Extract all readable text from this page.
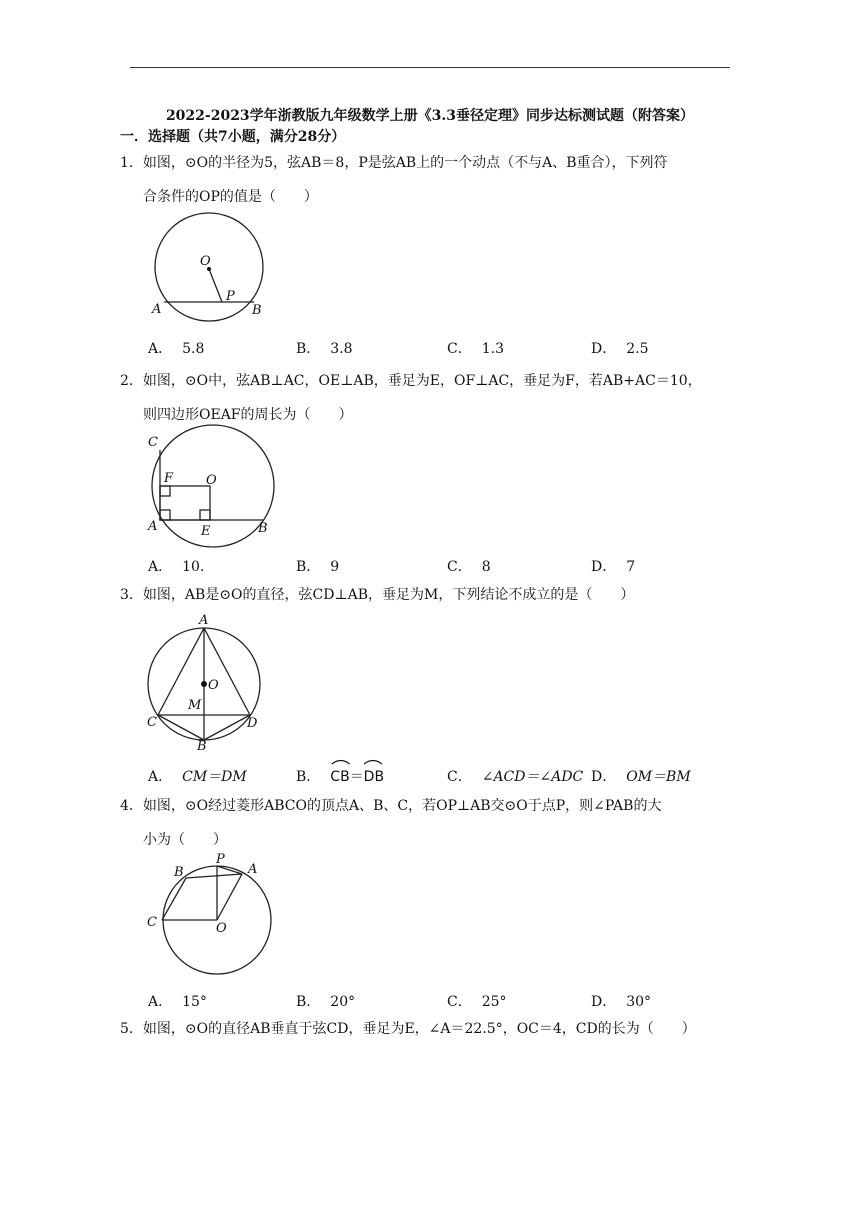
2022-2023学年浙教版九年级数学上册《3.3垂径定理》同步达标测试题（附答案）
一．选择题（共7小题，满分28分）
1．如图，⊙O的半径为5，弦AB＝8，P是弦AB上的一个动点（不与A、B重合），下列符
合条件的OP的值是（　　）
O
P
A	B
A． 5.8	B． 3.8	C． 1.3	D． 2.5
2．如图，⊙O中，弦AB⊥AC，OE⊥AB，垂足为E，OF⊥AC，垂足为F，若AB+AC＝10，
则四边形OEAF的周长为（　　）
C
F	O
A	E	B
A． 10．	B． 9	C． 8	D． 7
3．如图，AB是⊙O的直径，弦CD⊥AB，垂足为M，下列结论不成立的是（　　）
A
O
M
C	D
B
A． CM＝DM	B． CB＝DB	C． ∠ACD＝∠ADC D． OM＝BM
4．如图，⊙O经过菱形ABCO的顶点A、B、C，若OP⊥AB交⊙O于点P，则∠PAB的大
小为（　　）
B
P
A
C	O
A． 15°	B． 20°	C． 25°	D． 30°
5．如图，⊙O的直径AB垂直于弦CD，垂足为E，∠A＝22.5°，OC＝4，CD的长为（　　）
